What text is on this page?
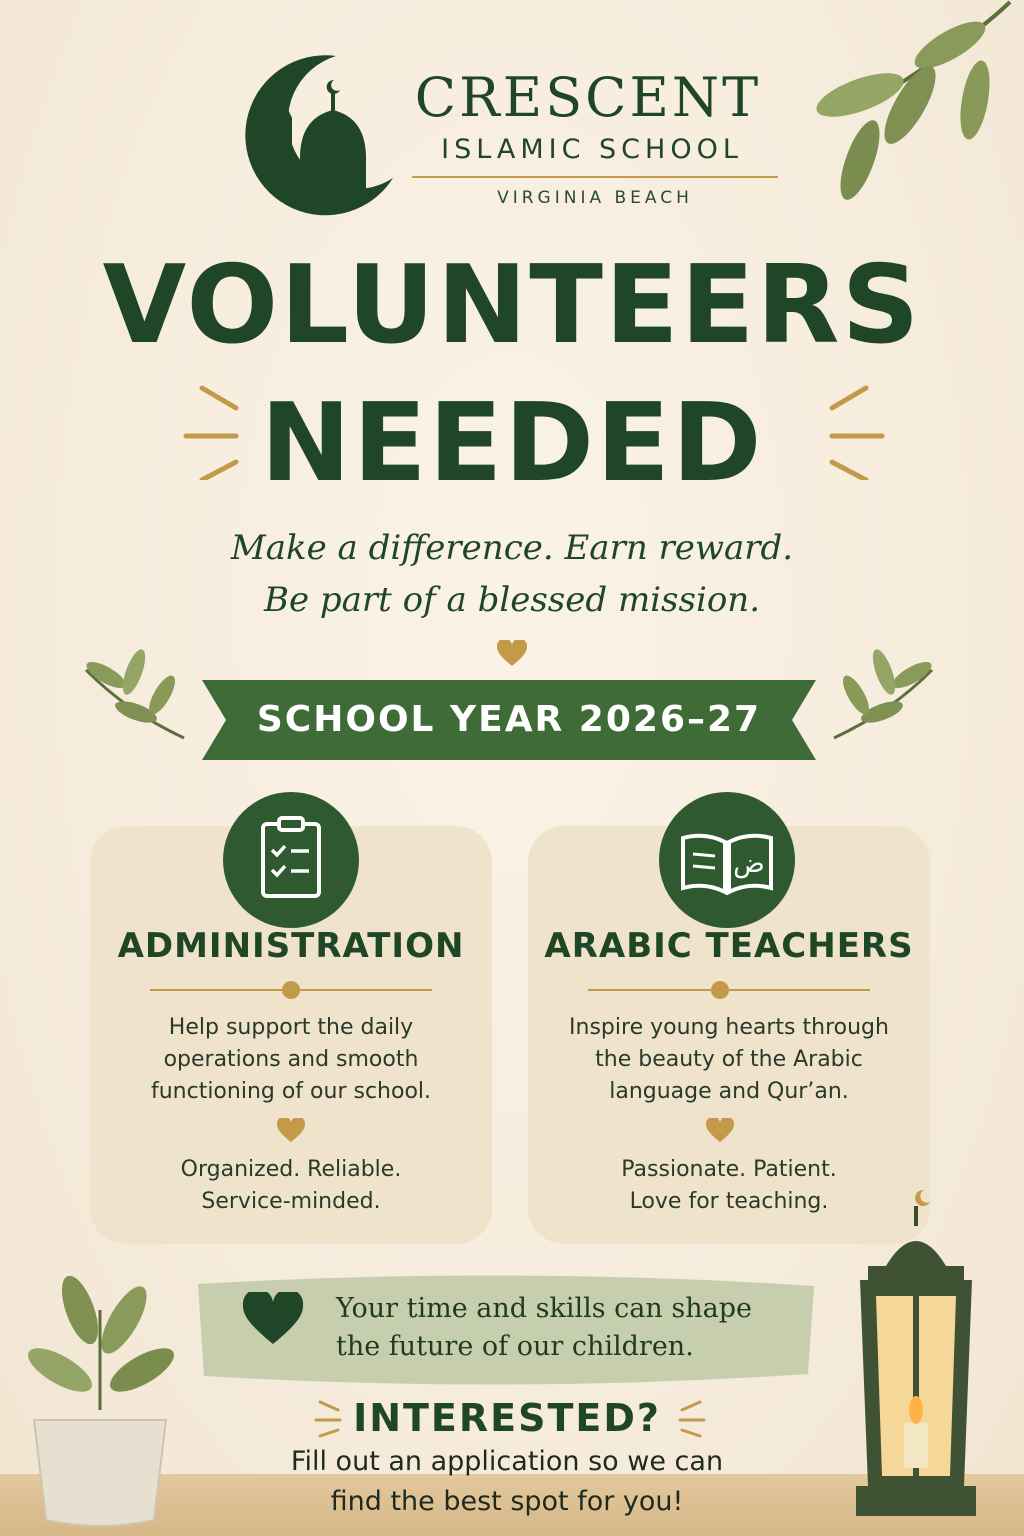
CRESCENT
ISLAMIC SCHOOL
VIRGINIA BEACH
VOLUNTEERS
NEEDED
Make a difference. Earn reward.
Be part of a blessed mission.
SCHOOL YEAR 2026–27
ADMINISTRATION
Help support the daily
operations and smooth
functioning of our school.
Organized. Reliable.
Service-minded.
ض
ARABIC TEACHERS
Inspire young hearts through
the beauty of the Arabic
language and Qur’an.
Passionate. Patient.
Love for teaching.
Your time and skills can shape
the future of our children.
INTERESTED?
Fill out an application so we can
find the best spot for you!
